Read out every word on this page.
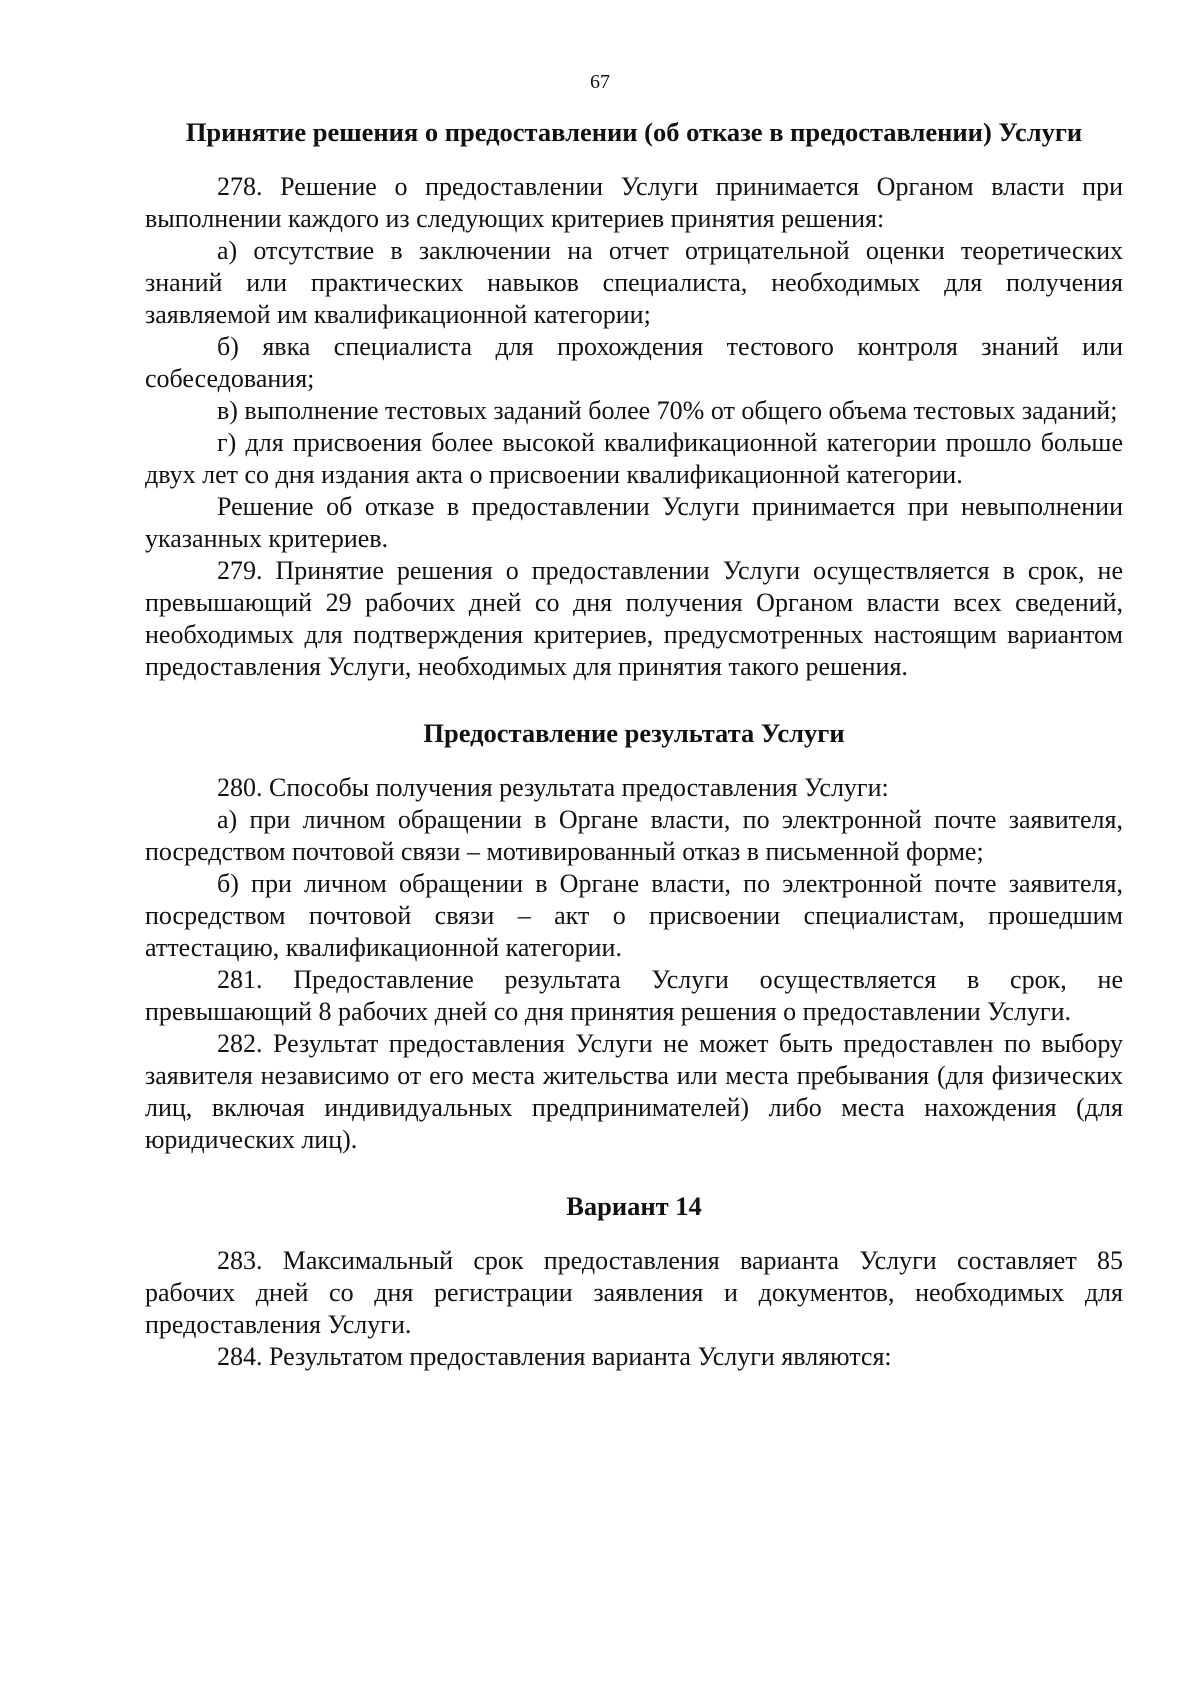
67
Принятие решения о предоставлении (об отказе в предоставлении) Услуги

278. Решение о предоставлении Услуги принимается Органом власти при выполнении каждого из следующих критериев принятия решения:

а) отсутствие в заключении на отчет отрицательной оценки теоретических знаний или практических навыков специалиста, необходимых для получения заявляемой им квалификационной категории;

б) явка специалиста для прохождения тестового контроля знаний или собеседования;

в) выполнение тестовых заданий более 70% от общего объема тестовых заданий;

г) для присвоения более высокой квалификационной категории прошло больше двух лет со дня издания акта о присвоении квалификационной категории.

Решение об отказе в предоставлении Услуги принимается при невыполнении указанных критериев.

279. Принятие решения о предоставлении Услуги осуществляется в срок, не превышающий 29 рабочих дней со дня получения Органом власти всех сведений, необходимых для подтверждения критериев, предусмотренных настоящим вариантом предоставления Услуги, необходимых для принятия такого решения.

Предоставление результата Услуги

280. Способы получения результата предоставления Услуги:

а) при личном обращении в Органе власти, по электронной почте заявителя, посредством почтовой связи – мотивированный отказ в письменной форме;

б) при личном обращении в Органе власти, по электронной почте заявителя, посредством почтовой связи – акт о присвоении специалистам, прошедшим аттестацию, квалификационной категории.

281. Предоставление результата Услуги осуществляется в срок, не превышающий 8 рабочих дней со дня принятия решения о предоставлении Услуги.

282. Результат предоставления Услуги не может быть предоставлен по выбору заявителя независимо от его места жительства или места пребывания (для физических лиц, включая индивидуальных предпринимателей) либо места нахождения (для юридических лиц).

Вариант 14

283. Максимальный срок предоставления варианта Услуги составляет 85 рабочих дней со дня регистрации заявления и документов, необходимых для предоставления Услуги.

284. Результатом предоставления варианта Услуги являются:
